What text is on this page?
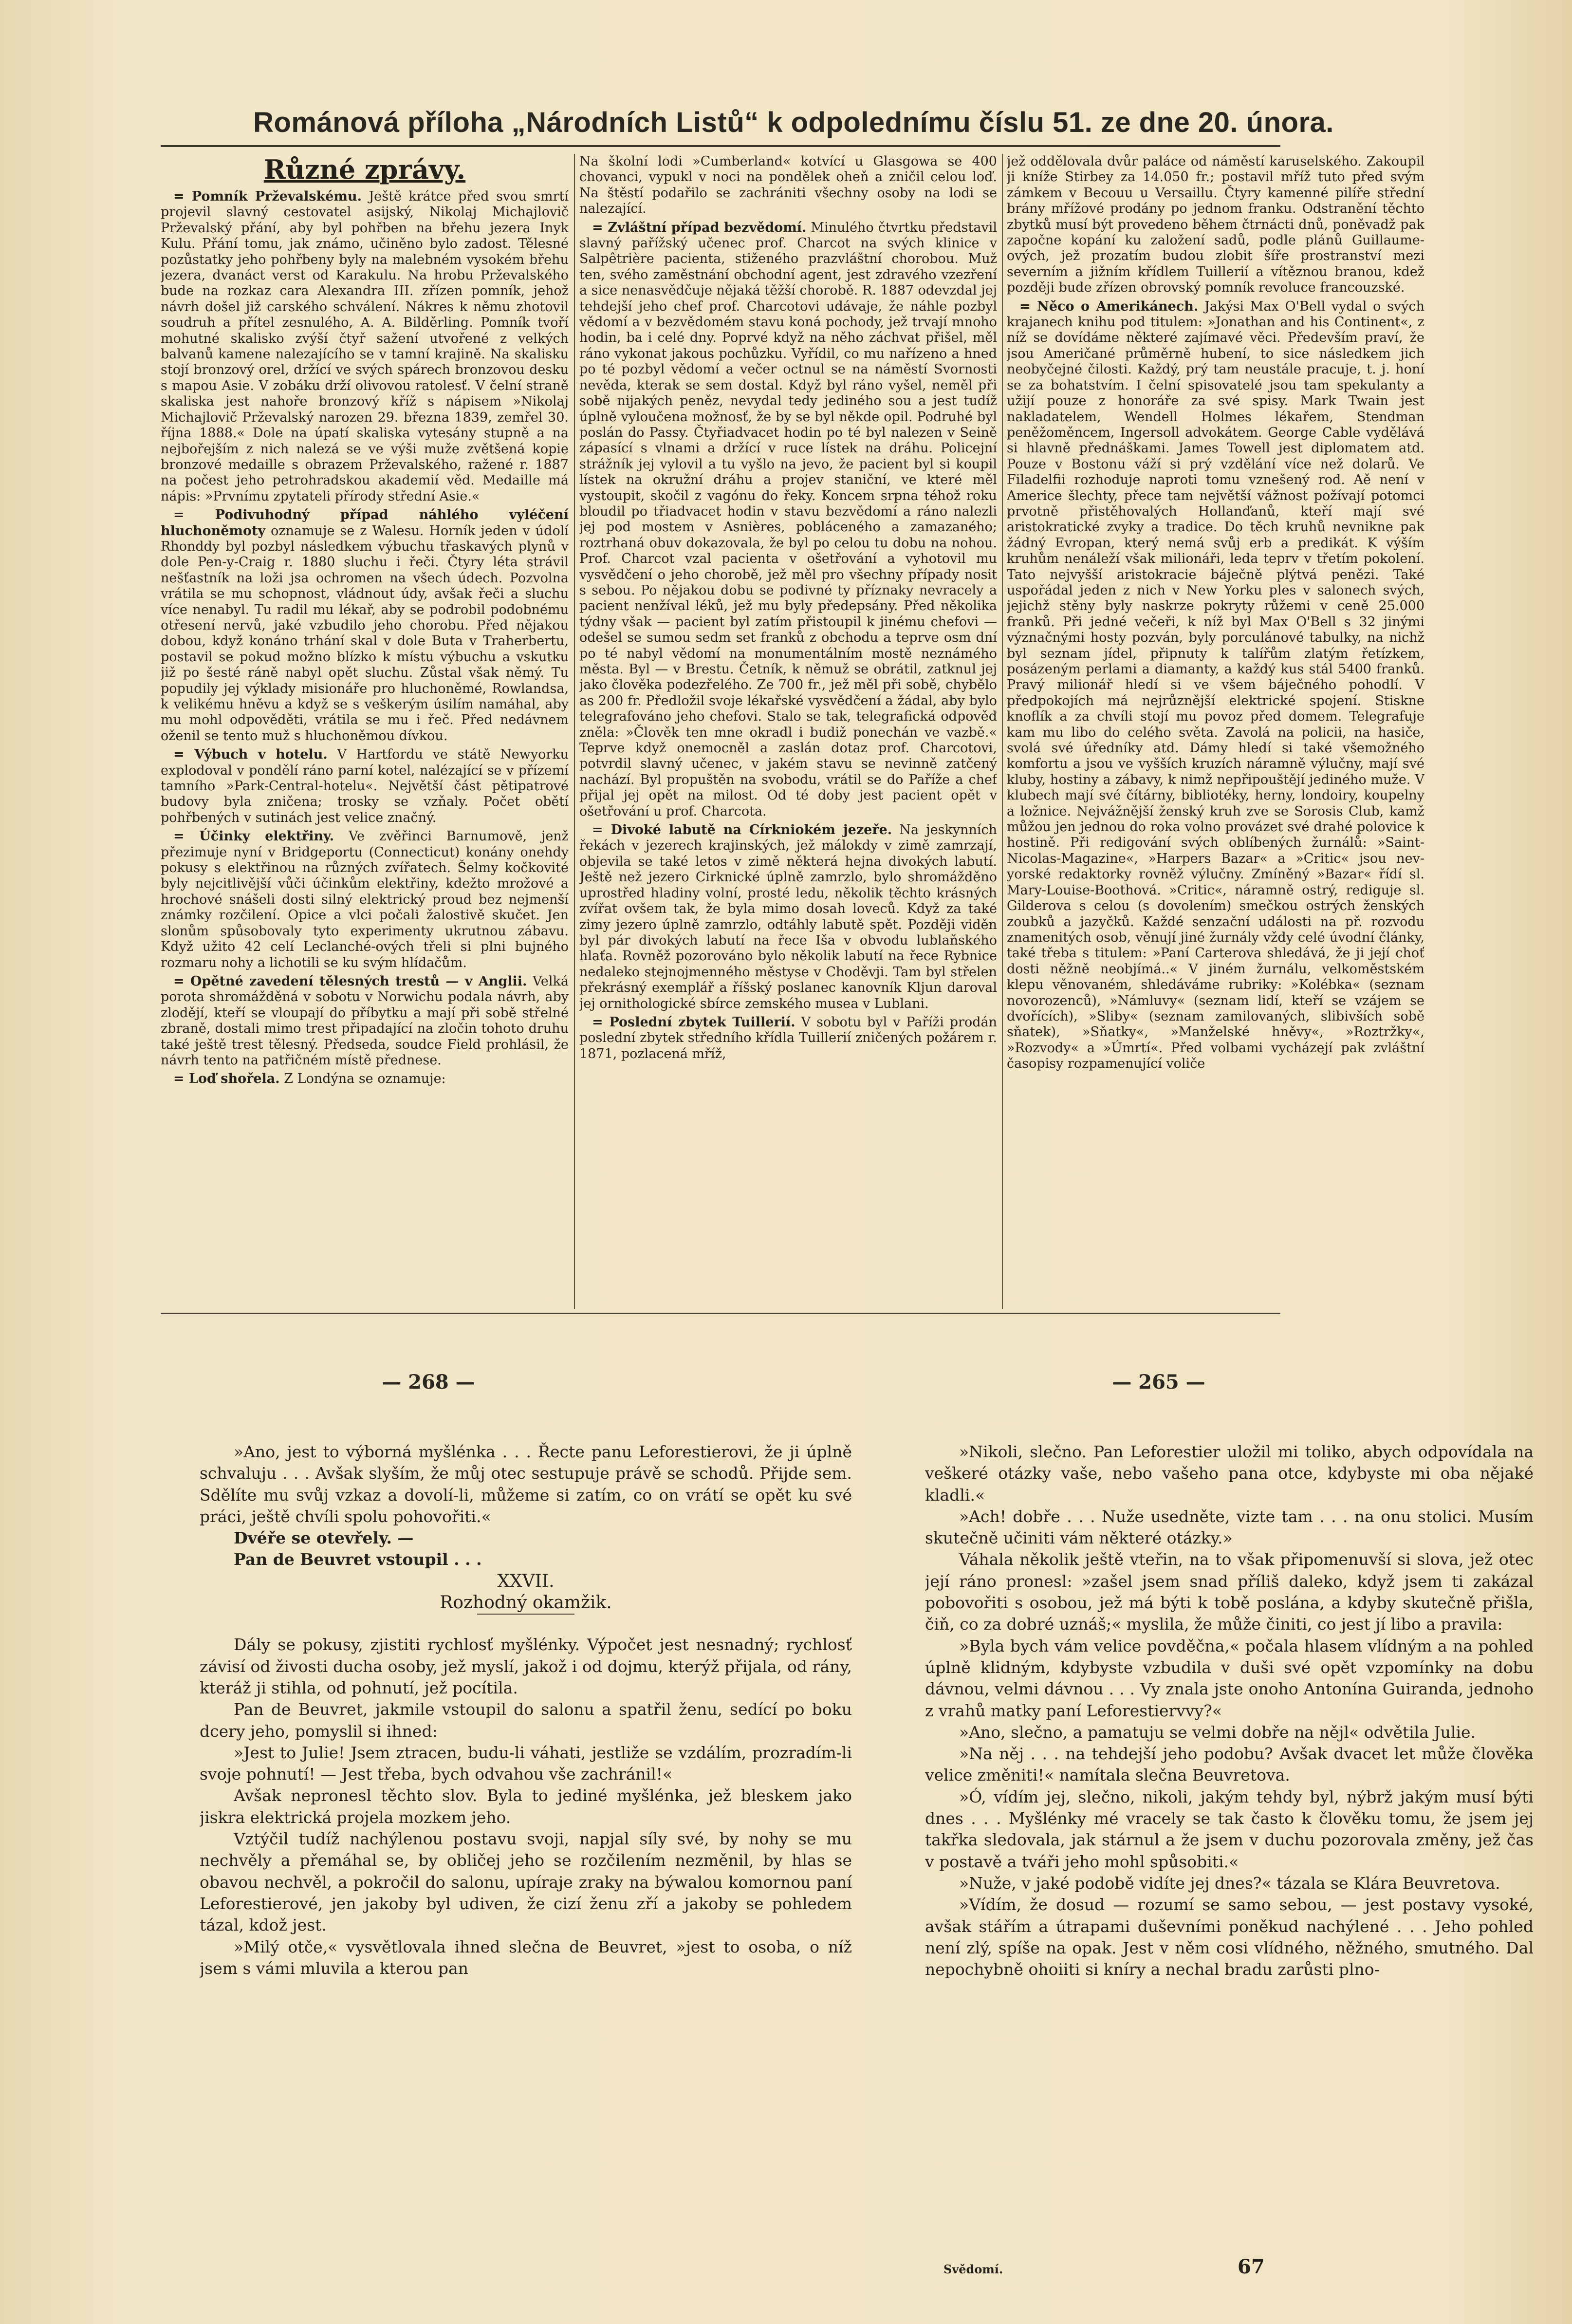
Románová příloha „Národních Listů“ k odpolednímu číslu 51. ze dne 20. února.
Různé zprávy.

= Pomník Prževalskému. Ještě krátce před svou smrtí projevil slavný cestovatel asijský, Nikolaj Michajlovič Prževalský přání, aby byl pohřben na břehu jezera Inyk Kulu. Přání tomu, jak známo, učiněno bylo zadost. Tělesné pozůstatky jeho pohřbeny byly na malebném vysokém břehu jezera, dvanáct verst od Karakulu. Na hrobu Prževalského bude na rozkaz cara Alexandra III. zřízen pomník, jehož návrh došel již carského schválení. Nákres k němu zhotovil soudruh a přítel zesnulého, A. A. Bilděrling. Pomník tvoří mohutné skalisko zvýší čtyř sažení utvořené z velkých balvanů kamene nalezajícího se v tamní krajině. Na skalisku stojí bronzový orel, držící ve svých spárech bronzovou desku s mapou Asie. V zobáku drží olivovou ratolesť. V čelní straně skaliska jest nahoře bronzový kříž s nápisem »Nikolaj Michajlovič Prževalský narozen 29. března 1839, zemřel 30. října 1888.« Dole na úpatí skaliska vytesány stupně a na nejbořejším z nich nalezá se ve výši muže zvětšená kopie bronzové medaille s obrazem Prževalského, ražené r. 1887 na počest jeho petrohradskou akademií věd. Medaille má nápis: »Prvnímu zpytateli přírody střední Asie.«

= Podivuhodný případ náhlého vyléčení hluchoněmoty oznamuje se z Walesu. Horník jeden v údolí Rhonddy byl pozbyl následkem výbuchu třaskavých plynů v dole Pen-y-Craig r. 1880 sluchu i řeči. Čtyry léta strávil nešťastník na loži jsa ochromen na všech údech. Pozvolna vrátila se mu schopnost, vládnout údy, avšak řeči a sluchu více nenabyl. Tu radil mu lékař, aby se podrobil podobnému otřesení nervů, jaké vzbudilo jeho chorobu. Před nějakou dobou, když konáno trhání skal v dole Buta v Traherbertu, postavil se pokud možno blízko k místu výbuchu a vskutku již po šesté ráně nabyl opět sluchu. Zůstal však němý. Tu popudily jej výklady misionáře pro hluchoněmé, Rowlandsa, k velikému hněvu a když se s veškerým úsilím namáhal, aby mu mohl odpověděti, vrátila se mu i řeč. Před nedávnem oženil se tento muž s hluchoněmou dívkou.

= Výbuch v hotelu. V Hartfordu ve státě Newyorku explodoval v pondělí ráno parní kotel, nalézající se v přízemí tamního »Park-Central-hotelu«. Největší část pětipatrové budovy byla zničena; trosky se vzňaly. Počet obětí pohřbených v sutinách jest velice značný.

= Účinky elektřiny. Ve zvěřinci Barnumově, jenž přezimuje nyní v Bridgeportu (Connecticut) konány onehdy pokusy s elektřinou na různých zvířatech. Šelmy kočkovité byly nejcitlivější vůči účinkům elektřiny, kdežto mrožové a hrochové snášeli dosti silný elektrický proud bez nejmenší známky rozčilení. Opice a vlci počali žalostivě skučet. Jen slonům spůsobovaly tyto experimenty ukrutnou zábavu. Když užito 42 celí Leclanché-ových třeli si plni bujného rozmaru nohy a lichotili se ku svým hlídačům.

= Opětné zavedení tělesných trestů — v Anglii. Velká porota shromážděná v sobotu v Norwichu podala návrh, aby zlodějí, kteří se vloupají do příbytku a mají při sobě střelné zbraně, dostali mimo trest připadající na zločin tohoto druhu také ještě trest tělesný. Předseda, soudce Field prohlásil, že návrh tento na patřičném místě přednese.

= Loď shořela. Z Londýna se oznamuje:

Na školní lodi »Cumberland« kotvící u Glasgowa se 400 chovanci, vypukl v noci na pondělek oheň a zničil celou loď. Na štěstí podařilo se zachrániti všechny osoby na lodi se nalezající.

= Zvláštní případ bezvědomí. Minulého čtvrtku představil slavný pařížský učenec prof. Charcot na svých klinice v Salpêtrière pacienta, stiženého prazvláštní chorobou. Muž ten, svého zaměstnání obchodní agent, jest zdravého vzezření a sice nenasvědčuje nějaká těžší chorobě. R. 1887 odevzdal jej tehdejší jeho chef prof. Charcotovi udávaje, že náhle pozbyl vědomí a v bezvědomém stavu koná pochody, jež trvají mnoho hodin, ba i celé dny. Poprvé když na něho záchvat přišel, měl ráno vykonat jakous pochůzku. Vyřídil, co mu nařízeno a hned po té pozbyl vědomí a večer octnul se na náměstí Svornosti nevěda, kterak se sem dostal. Když byl ráno vyšel, neměl při sobě nijakých peněz, nevydal tedy jediného sou a jest tudíž úplně vyloučena možnosť, že by se byl někde opil. Podruhé byl poslán do Passy. Čtyřiadvacet hodin po té byl nalezen v Seině zápasící s vlnami a držící v ruce lístek na dráhu. Policejní strážník jej vylovil a tu vyšlo na jevo, že pacient byl si koupil lístek na okružní dráhu a projev staniční, ve které měl vystoupit, skočil z vagónu do řeky. Koncem srpna téhož roku bloudil po třiadvacet hodin v stavu bezvědomí a ráno nalezli jej pod mostem v Asnières, pobláceného a zamazaného; roztrhaná obuv dokazovala, že byl po celou tu dobu na nohou. Prof. Charcot vzal pacienta v ošetřování a vyhotovil mu vysvědčení o jeho chorobě, jež měl pro všechny případy nosit s sebou. Po nějakou dobu se podivné ty příznaky nevracely a pacient nenžíval léků, jež mu byly předepsány. Před několika týdny však — pacient byl zatím přistoupil k jinému chefovi — odešel se sumou sedm set franků z obchodu a teprve osm dní po té nabyl vědomí na monumentálním mostě neznámého města. Byl — v Brestu. Četník, k němuž se obrátil, zatknul jej jako člověka podezřelého. Ze 700 fr., jež měl při sobě, chybělo as 200 fr. Předložil svoje lékařské vysvědčení a žádal, aby bylo telegrafováno jeho chefovi. Stalo se tak, telegrafická odpověď zněla: »Člověk ten mne okradl i budiž ponechán ve vazbě.« Teprve když onemocněl a zaslán dotaz prof. Charcotovi, potvrdil slavný učenec, v jakém stavu se nevinně zatčený nachází. Byl propuštěn na svobodu, vrátil se do Paříže a chef přijal jej opět na milost. Od té doby jest pacient opět v ošetřování u prof. Charcota.

= Divoké labutě na Církniokém jezeře. Na jeskynních řekách v jezerech krajinských, jež málokdy v zimě zamrzají, objevila se také letos v zimě některá hejna divokých labutí. Ještě než jezero Cirknické úplně zamrzlo, bylo shromážděno uprostřed hladiny volní, prosté ledu, několik těchto krásných zvířat ovšem tak, že byla mimo dosah loveců. Když za také zimy jezero úplně zamrzlo, odtáhly labutě spět. Později viděn byl pár divokých labutí na řece Iša v obvodu lublaňského hlaťa. Rovněž pozorováno bylo několik labutí na řece Rybnice nedaleko stejnojmenného městyse v Choděvji. Tam byl střelen překrásný exemplář a říšský poslanec kanovník Kljun daroval jej ornithologické sbírce zemského musea v Lublani.

= Poslední zbytek Tuillerií. V sobotu byl v Paříži prodán poslední zbytek středního křídla Tuillerií zničených požárem r. 1871, pozlacená mříž,

jež oddělovala dvůr paláce od náměstí karuselského. Zakoupil ji kníže Stirbey za 14.050 fr.; postavil mříž tuto před svým zámkem v Becouu u Versaillu. Čtyry kamenné pilíře střední brány mřížové prodány po jednom franku. Odstranění těchto zbytků musí být provedeno během čtrnácti dnů, poněvadž pak započne kopání ku založení sadů, podle plánů Guillaume-ových, jež prozatím budou zlobit šíře prostranství mezi severním a jižním křídlem Tuillerií a vítěznou branou, kdež později bude zřízen obrovský pomník revoluce francouzské.

= Něco o Amerikánech. Jakýsi Max O'Bell vydal o svých krajanech knihu pod titulem: »Jonathan and his Continent«, z níž se dovídáme některé zajímavé věci. Především praví, že jsou Američané průměrně hubení, to sice následkem jich neobyčejné čilosti. Každý, prý tam neustále pracuje, t. j. honí se za bohatstvím. I čelní spisovatelé jsou tam spekulanty a užijí pouze z honoráře za své spisy. Mark Twain jest nakladatelem, Wendell Holmes lékařem, Stendman peněžoměncem, Ingersoll advokátem. George Cable vydělává si hlavně přednáškami. James Towell jest diplomatem atd. Pouze v Bostonu váží si prý vzdělání více než dolarů. Ve Filadelfii rozhoduje naproti tomu vznešený rod. Aě není v Americe šlechty, přece tam největší vážnost požívají potomci prvotně přistěhovalých Hollanďanů, kteří mají své aristokratické zvyky a tradice. Do těch kruhů nevnikne pak žádný Evropan, který nemá svůj erb a predikát. K výším kruhům nenáleží však milionáři, leda teprv v třetím pokolení. Tato nejvyšší aristokracie báječně plýtvá penězi. Také uspořádal jeden z nich v New Yorku ples v salonech svých, jejichž stěny byly naskrze pokryty růžemi v ceně 25.000 franků. Při jedné večeři, k níž byl Max O'Bell s 32 jinými význačnými hosty pozván, byly porculánové tabulky, na nichž byl seznam jídel, připnuty k talířům zlatým řetízkem, posázeným perlami a diamanty, a každý kus stál 5400 franků. Pravý milionář hledí si ve všem báječného pohodlí. V předpokojích má nejrůznější elektrické spojení. Stiskne knoflík a za chvíli stojí mu povoz před domem. Telegrafuje kam mu libo do celého světa. Zavolá na policii, na hasiče, svolá své úředníky atd. Dámy hledí si také všemožného komfortu a jsou ve vyšších kruzích náramně výlučny, mají své kluby, hostiny a zábavy, k nimž nepřipouštějí jediného muže. V klubech mají své čítárny, bibliotéky, herny, londoiry, koupelny a ložnice. Nejvážnější ženský kruh zve se Sorosis Club, kamž můžou jen jednou do roka volno provázet své drahé polovice k hostině. Při redigování svých oblíbených žurnálů: »Saint-Nicolas-Magazine«, »Harpers Bazar« a »Critic« jsou nev-yorské redaktorky rovněž výlučny. Zmíněný »Bazar« řídí sl. Mary-Louise-Boothová. »Critic«, náramně ostrý, rediguje sl. Gilderova s celou (s dovolením) smečkou ostrých ženských zoubků a jazyčků. Každé senzační události na př. rozvodu znamenitých osob, věnují jiné žurnály vždy celé úvodní články, také třeba s titulem: »Paní Carterova shledává, že ji její choť dosti něžně neobjímá..« V jiném žurnálu, velkoměstském klepu věnovaném, shledáváme rubriky: »Kolébka« (seznam novorozenců), »Námluvy« (seznam lidí, kteří se vzájem se dvořících), »Sliby« (seznam zamilovaných, slibivších sobě sňatek), »Sňatky«, »Manželské hněvy«, »Roztržky«, »Rozvody« a »Úmrtí«. Před volbami vycházejí pak zvláštní časopisy rozpamenující voliče

— 268 —	— 265 —

»Ano, jest to výborná myšlénka . . . Řecte panu Leforestierovi, že ji úplně schvaluju . . . Avšak slyším, že můj otec sestupuje právě se schodů. Přijde sem. Sdělíte mu svůj vzkaz a dovolí-li, můžeme si zatím, co on vrátí se opět ku své práci, ještě chvíli spolu pohovořiti.«

Dvéře se otevřely. —

Pan de Beuvret vstoupil . . .

XXVII.

Rozhodný okamžik.

Dály se pokusy, zjistiti rychlosť myšlénky. Výpočet jest nesnadný; rychlosť závisí od živosti ducha osoby, jež myslí, jakož i od dojmu, kterýž přijala, od rány, kteráž ji stihla, od pohnutí, jež pocítila.

Pan de Beuvret, jakmile vstoupil do salonu a spatřil ženu, sedící po boku dcery jeho, pomyslil si ihned:

»Jest to Julie! Jsem ztracen, budu-li váhati, jestliže se vzdálím, prozradím-li svoje pohnutí! — Jest třeba, bych odvahou vše zachránil!«

Avšak nepronesl těchto slov. Byla to jediné myšlénka, jež bleskem jako jiskra elektrická projela mozkem jeho.

Vztýčil tudíž nachýlenou postavu svoji, napjal síly své, by nohy se mu nechvěly a přemáhal se, by obličej jeho se rozčilením nezměnil, by hlas se obavou nechvěl, a pokročil do salonu, upíraje zraky na býwalou komornou paní Leforestierové, jen jakoby byl udiven, že cizí ženu zří a jakoby se pohledem tázal, kdož jest.

»Milý otče,« vysvětlovala ihned slečna de Beuvret, »jest to osoba, o níž jsem s vámi mluvila a kterou pan

»Nikoli, slečno. Pan Leforestier uložil mi toliko, abych odpovídala na veškeré otázky vaše, nebo vašeho pana otce, kdybyste mi oba nějaké kladli.«

»Ach! dobře . . . Nuže usedněte, vizte tam . . . na onu stolici. Musím skutečně učiniti vám některé otázky.»

Váhala několik ještě vteřin, na to však připomenuvší si slova, jež otec její ráno pronesl: »zašel jsem snad příliš daleko, když jsem ti zakázal pobovořiti s osobou, jež má býti k tobě poslána, a kdyby skutečně přišla, čiň, co za dobré uznáš;« myslila, že může činiti, co jest jí libo a pravila:

»Byla bych vám velice povděčna,« počala hlasem vlídným a na pohled úplně klidným, kdybyste vzbudila v duši své opět vzpomínky na dobu dávnou, velmi dávnou . . . Vy znala jste onoho Antonína Guiranda, jednoho z vrahů matky paní Leforestiervvy?«

»Ano, slečno, a pamatuju se velmi dobře na nějl« odvětila Julie.

»Na něj . . . na tehdejší jeho podobu? Avšak dvacet let může člověka velice změniti!« namítala slečna Beuvretova.

»Ó, vídím jej, slečno, nikoli, jakým tehdy byl, nýbrž jakým musí býti dnes . . . Myšlénky mé vracely se tak často k člověku tomu, že jsem jej takřka sledovala, jak stárnul a že jsem v duchu pozorovala změny, jež čas v postavě a tváři jeho mohl spůsobiti.«

»Nuže, v jaké podobě vidíte jej dnes?« tázala se Klára Beuvretova.

»Vídím, že dosud — rozumí se samo sebou, — jest postavy vysoké, avšak stářím a útrapami duševními poněkud nachýlené . . . Jeho pohled není zlý, spíše na opak. Jest v něm cosi vlídného, něžného, smutného. Dal nepochybně ohoiiti si kníry a nechal bradu zarůsti plno-

Svědomí.	67
